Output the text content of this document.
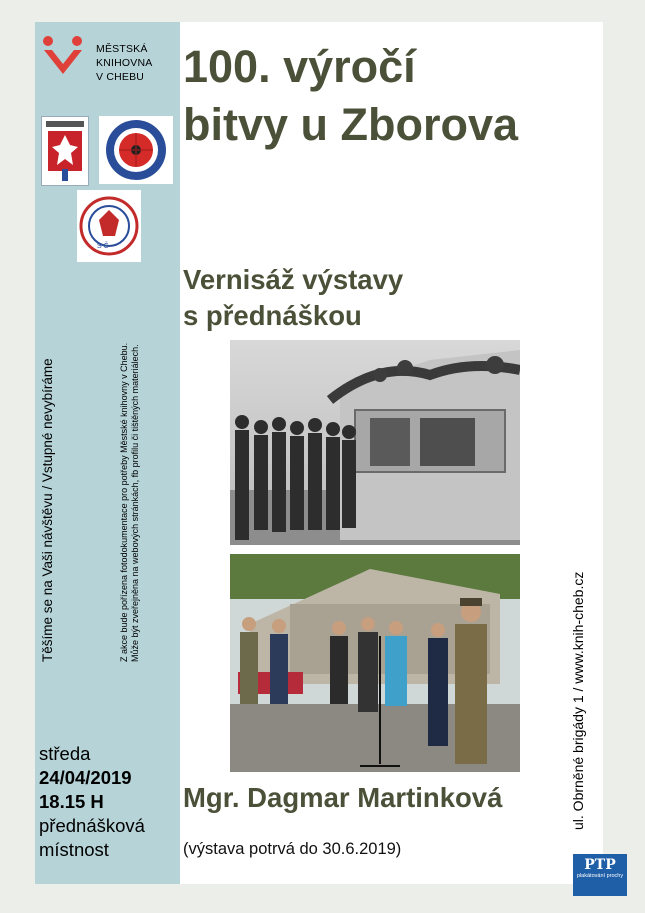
MĚSTSKÁ
KNIHOVNA
V CHEBU
S Č
Těšíme se na Vaši návštěvu / Vstupné nevybíráme	Z akce bude pořízena fotodokumentace pro potřeby Městské knihovny v Chebu. Může být zveřejněna na webových stránkách, fb profilu či tištěných materiálech.
středa
24/04/2019
18.15 H
přednášková
místnost
100. výročí
bitvy u Zborova
Vernisáž výstavy
s přednáškou
Mgr. Dagmar Martinková
(výstava potrvá do 30.6.2019)
ul. Obrněné brigády 1 / www.knih-cheb.cz
PTP
plakátování prochy
